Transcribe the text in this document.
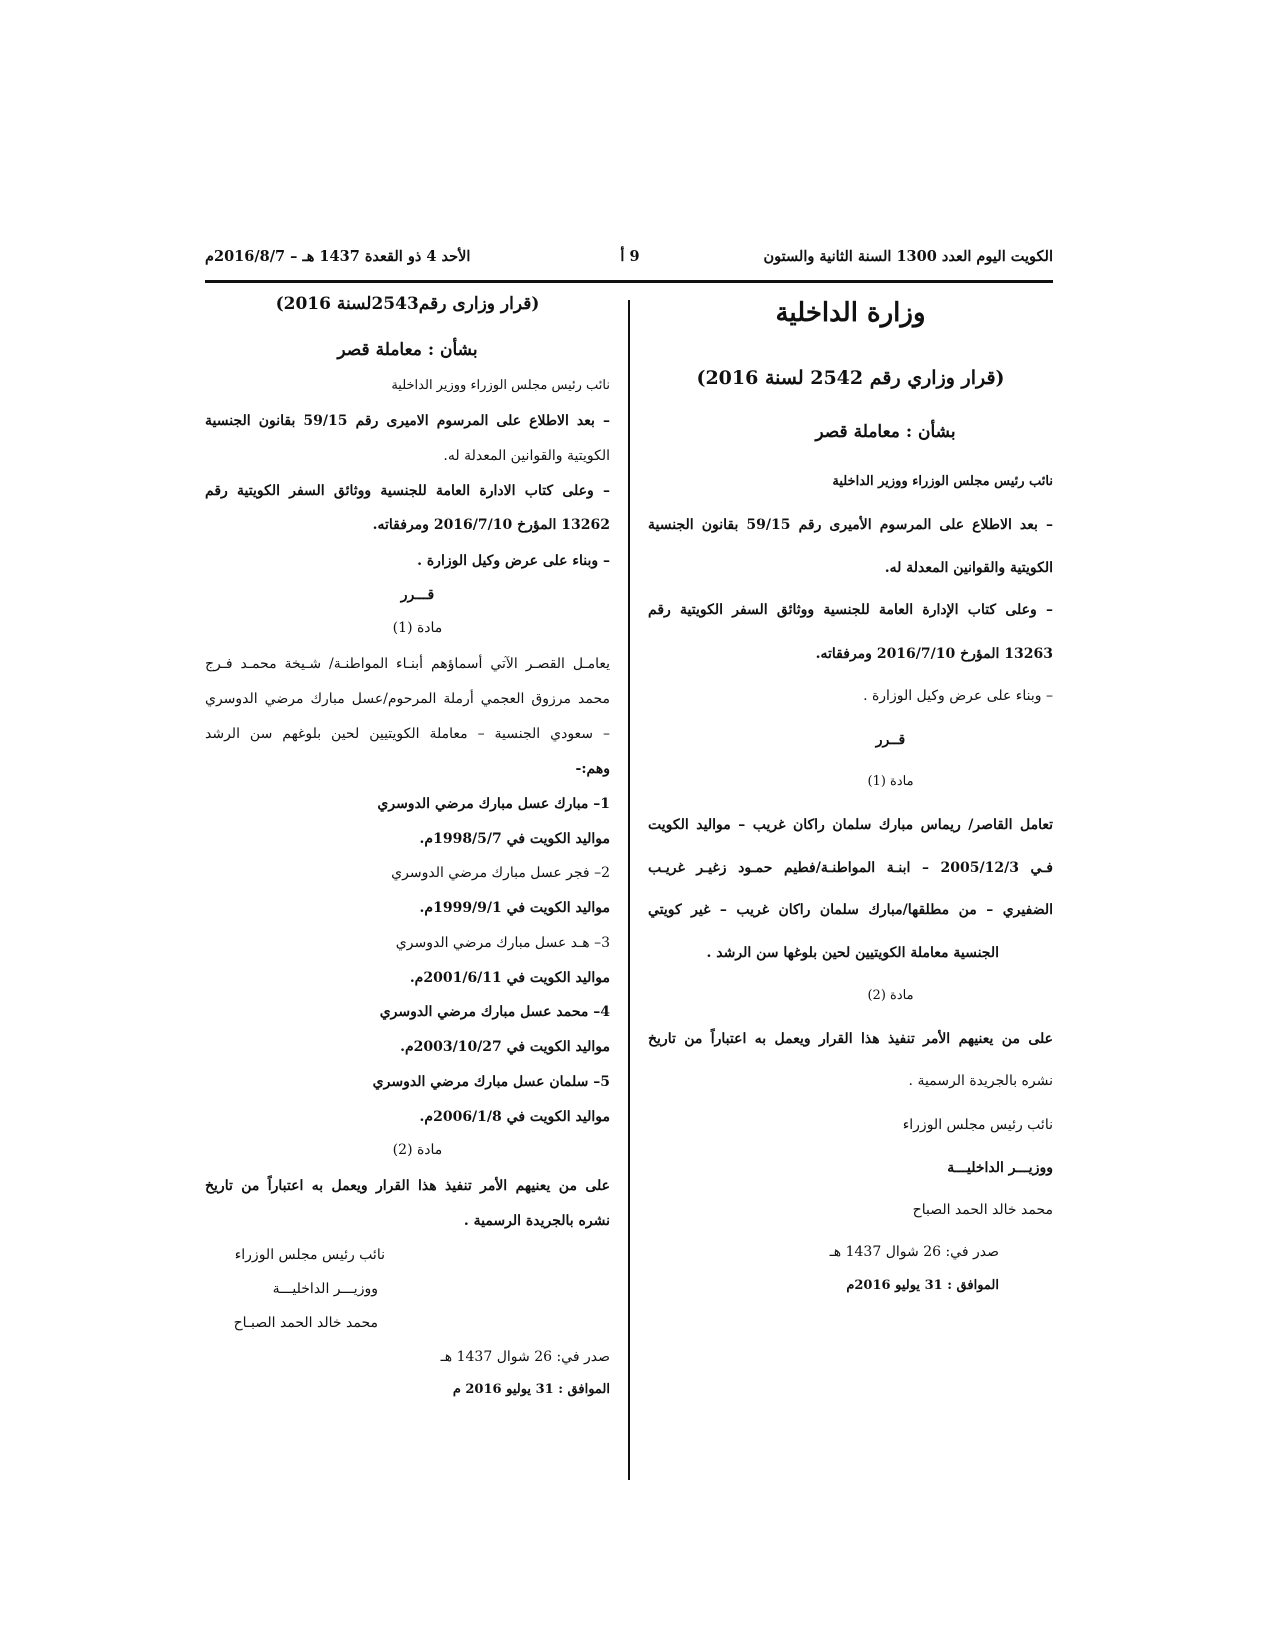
الكويت اليوم العدد 1300 السنة الثانية والستون
9 أ
الأحد 4 ذو القعدة 1437 هـ – 2016/8/7م
وزارة الداخلية
(قرار وزاري رقم 2542 لسنة 2016)
بشأن : معاملة قصر
نائب رئيس مجلس الوزراء ووزير الداخلية
– بعد الاطلاع على المرسوم الأميرى رقم 59/15 بقانون الجنسية
الكويتية والقوانين المعدلة له.
– وعلى كتاب الإدارة العامة للجنسية ووثائق السفر الكويتية رقم
13263 المؤرخ 2016/7/10 ومرفقاته.
– وبناء على عرض وكيل الوزارة .
قــرر
مادة (1)
تعامل القاصر/ ريماس مبارك سلمان راكان غريب – مواليد الكويت
فـي 2005/12/3 – ابنـة المواطنـة/فطيم حمـود زغيـر غريـب
الضفيري – من مطلقها/مبارك سلمان راكان غريب – غير كويتي
الجنسية معاملة الكويتيين لحين بلوغها سن الرشد .
مادة (2)
على من يعنيهم الأمر تنفيذ هذا القرار ويعمل به اعتباراً من تاريخ
نشره بالجريدة الرسمية .
نائب رئيس مجلس الوزراء
ووزيـــر الداخليـــة
محمد خالد الحمد الصباح
صدر في: 26 شوال 1437 هـ
الموافق : 31 يوليو 2016م
(قرار وزارى رقم2543لسنة 2016)
بشأن : معاملة قصر
نائب رئيس مجلس الوزراء ووزير الداخلية
– بعد الاطلاع على المرسوم الاميرى رقم 59/15 بقانون الجنسية
الكويتية والقوانين المعدلة له.
– وعلى كتاب الادارة العامة للجنسية ووثائق السفر الكويتية رقم
13262 المؤرخ 2016/7/10 ومرفقاته.
– وبناء على عرض وكيل الوزارة .
قـــرر
مادة (1)
يعامـل القصـر الآتي أسماؤهم أبنـاء المواطنـة/ شـيخة محمـد فـرج
محمد مرزوق العجمي أرملة المرحوم/عسل مبارك مرضي الدوسري
– سعودي الجنسية – معاملة الكويتيين لحين بلوغهم سن الرشد
وهم:-
1– مبارك عسل مبارك مرضي الدوسري
مواليد الكويت في 1998/5/7م.
2– فجر عسل مبارك مرضي الدوسري
مواليد الكويت في 1999/9/1م.
3– هـد عسل مبارك مرضي الدوسري
مواليد الكويت في 2001/6/11م.
4– محمد عسل مبارك مرضي الدوسري
مواليد الكويت في 2003/10/27م.
5– سلمان عسل مبارك مرضي الدوسري
مواليد الكويت في 2006/1/8م.
مادة (2)
على من يعنيهم الأمر تنفيذ هذا القرار ويعمل به اعتباراً من تاريخ
نشره بالجريدة الرسمية .
نائب رئيس مجلس الوزراء
ووزيـــر الداخليـــة
محمد خالد الحمد الصبـاح
صدر في: 26 شوال 1437 هـ
الموافق : 31 يوليو 2016 م
